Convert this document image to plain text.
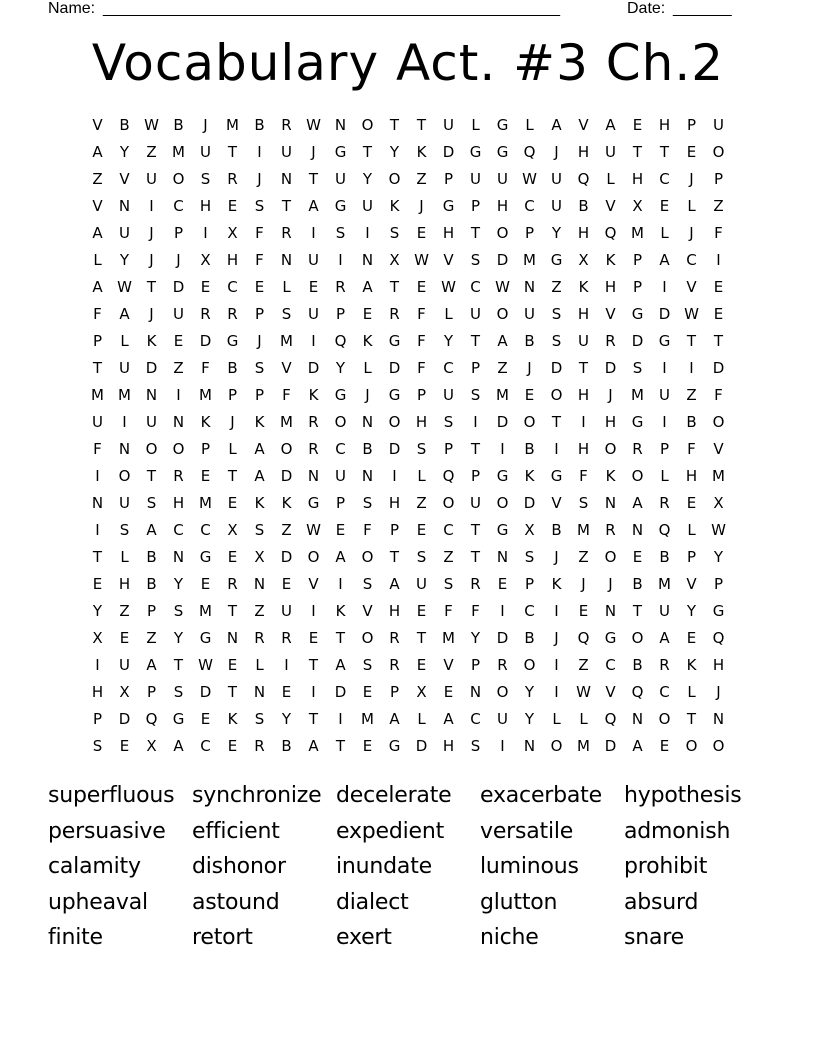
Name: _______________________________________________________	Date: _______
Vocabulary Act. #3 Ch.2
V	B W B	J	M	B	R W N	O	T	T	U	L	G	L	A	V	A	E	H	P	U
A	Y	Z	M	U	T	I	U	J	G	T	Y	K	D	G	G	Q	J	H	U	T	T	E	O
Z	V	U	O	S	R	J	N	T	U	Y	O	Z	P	U	U W U	Q	L	H	C	J	P
V	N	I	C	H	E	S	T	A	G	U	K	J	G	P	H	C	U	B	V	X	E	L	Z
A	U	J	P	I	X	F	R	I	S	I	S	E	H	T	O	P	Y	H	Q M	L	J	F
L	Y	J	J	X	H	F	N	U	I	N	X W V	S	D M G	X	K	P	A	C	I
A W T	D	E	C	E	L	E	R	A	T	E W C W N	Z	K	H	P	I	V	E
F	A	J	U	R	R	P	S	U	P	E	R	F	L	U	O	U	S	H	V	G	D W E
P	L	K	E	D	G	J	M	I	Q	K	G	F	Y	T	A	B	S	U	R	D	G	T	T
T	U	D	Z	F	B	S	V	D	Y	L	D	F	C	P	Z	J	D	T	D	S	I	I	D
M M N	I	M	P	P	F	K	G	J	G	P	U	S	M	E	O	H	J	M	U	Z	F
U	I	U	N	K	J	K	M	R	O	N	O	H	S	I	D	O	T	I	H	G	I	B	O
F	N	O	O	P	L	A	O	R	C	B	D	S	P	T	I	B	I	H	O	R	P	F	V
I	O	T	R	E	T	A	D	N	U	N	I	L	Q	P	G	K	G	F	K	O	L	H M
N	U	S	H M	E	K	K	G	P	S	H	Z	O	U	O	D	V	S	N	A	R	E	X
I	S	A	C	C	X	S	Z W E	F	P	E	C	T	G	X	B	M	R	N	Q	L	W
T	L	B	N	G	E	X	D	O	A	O	T	S	Z	T	N	S	J	Z	O	E	B	P	Y
E	H	B	Y	E	R	N	E	V	I	S	A	U	S	R	E	P	K	J	J	B	M	V	P
Y	Z	P	S	M	T	Z	U	I	K	V	H	E	F	F	I	C	I	E	N	T	U	Y	G
X	E	Z	Y	G	N	R	R	E	T	O	R	T	M	Y	D	B	J	Q	G	O	A	E	Q
I	U	A	T	W E	L	I	T	A	S	R	E	V	P	R	O	I	Z	C	B	R	K	H
H	X	P	S	D	T	N	E	I	D	E	P	X	E	N	O	Y	I	W V	Q	C	L	J
P	D	Q	G	E	K	S	Y	T	I	M	A	L	A	C	U	Y	L	L	Q	N	O	T	N
S	E	X	A	C	E	R	B	A	T	E	G	D	H	S	I	N	O M D	A	E	O	O
superfluous synchronize decelerate	exacerbate	hypothesis
persuasive	efficient	expedient	versatile	admonish
calamity	dishonor	inundate	luminous	prohibit
upheaval	astound	dialect	glutton	absurd
finite	retort	exert	niche	snare
